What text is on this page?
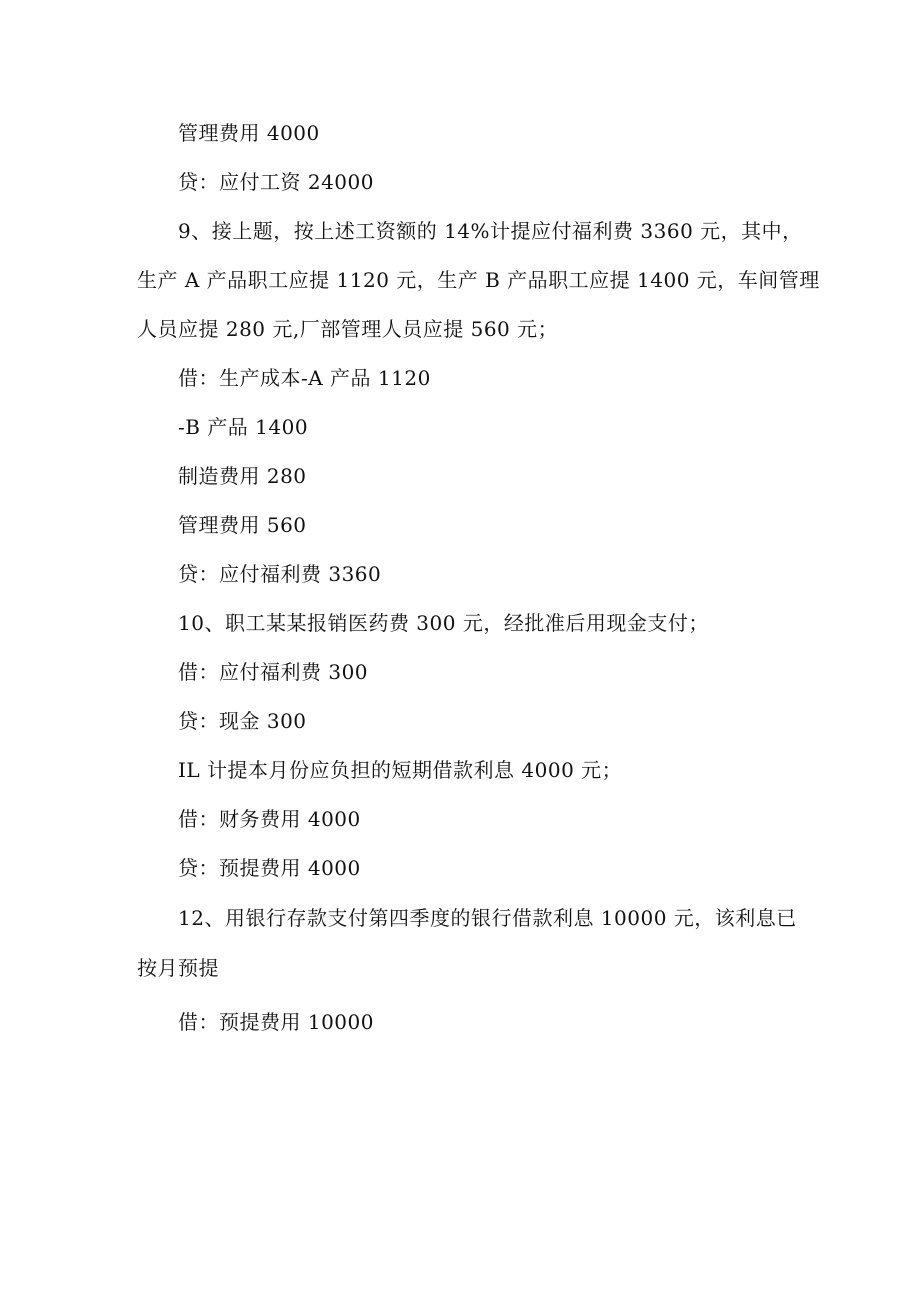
管理费用 4000
贷：应付工资 24000
9、接上题，按上述工资额的 14%计提应付福利费 3360 元，其中，
生产 A 产品职工应提 1120 元，生产 B 产品职工应提 1400 元，车间管理
人员应提 280 元,厂部管理人员应提 560 元；
借：生产成本-A 产品 1120
-B 产品 1400
制造费用 280
管理费用 560
贷：应付福利费 3360
10、职工某某报销医药费 300 元，经批准后用现金支付；
借：应付福利费 300
贷：现金 300
IL 计提本月份应负担的短期借款利息 4000 元；
借：财务费用 4000
贷：预提费用 4000
12、用银行存款支付第四季度的银行借款利息 10000 元，该利息已
按月预提
借：预提费用 10000
